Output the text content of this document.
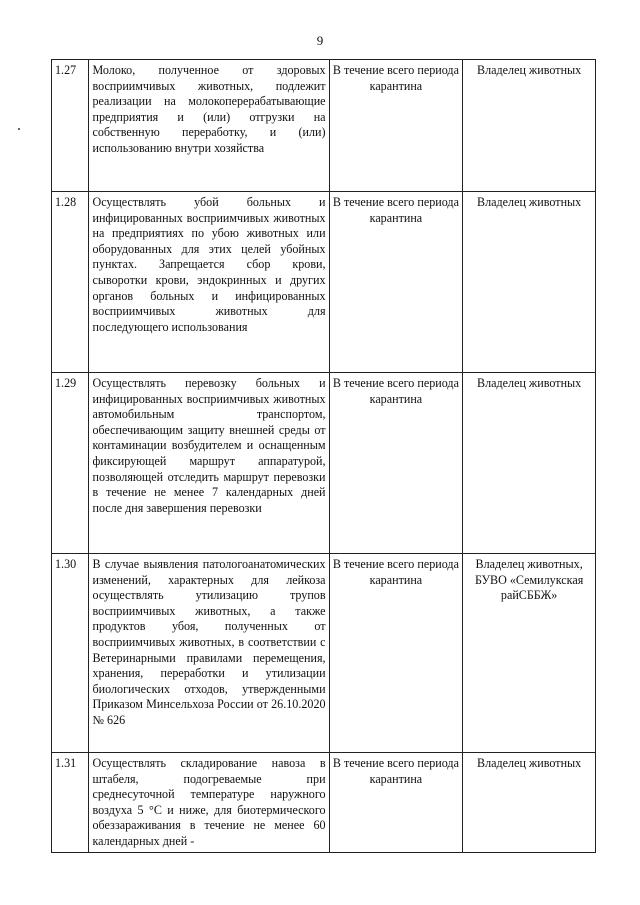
9
1.27	Молоко, полученное от здоровых восприимчивых животных, подлежит реализации на молокоперерабатывающие предприятия и (или) отгрузки на собственную переработку, и (или) использованию внутри хозяйства	В течение всего периода карантина	Владелец животных

1.28	Осуществлять убой больных и инфицированных восприимчивых животных на предприятиях по убою животных или оборудованных для этих целей убойных пунктах. Запрещается сбор крови, сыворотки крови, эндокринных и других органов больных и инфицированных восприимчивых животных для последующего использования	В течение всего периода карантина	Владелец животных

1.29	Осуществлять перевозку больных и инфицированных восприимчивых животных автомобильным транспортом, обеспечивающим защиту внешней среды от контаминации возбудителем и оснащенным фиксирующей маршрут аппаратурой, позволяющей отследить маршрут перевозки в течение не менее 7 календарных дней после дня завершения перевозки	В течение всего периода карантина	Владелец животных

1.30	В случае выявления патологоанатомических изменений, характерных для лейкоза осуществлять утилизацию трупов восприимчивых животных, а также продуктов убоя, полученных от восприимчивых животных, в соответствии с Ветеринарными правилами перемещения, хранения, переработки и утилизации биологических отходов, утвержденными Приказом Минсельхоза России от 26.10.2020 № 626	В течение всего периода карантина	Владелец животных, БУВО «Семилукская райСББЖ»

1.31	Осуществлять складирование навоза в штабеля, подогреваемые при среднесуточной температуре наружного воздуха 5 °С и ниже, для биотермического обеззараживания в течение не менее 60 календарных дней -	В течение всего периода карантина	Владелец животных
